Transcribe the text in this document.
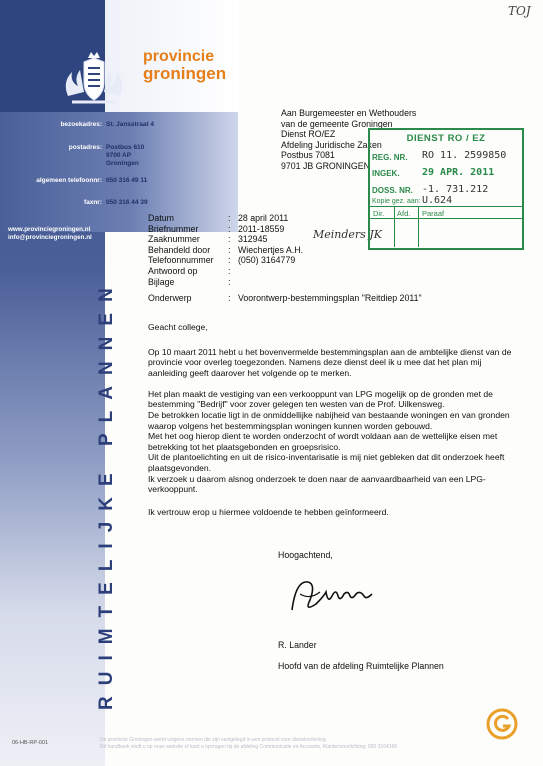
provincie
groningen
bezoekadres: St. Jansstraat 4
postadres: Postbus 610
9700 AP
Groningen
algemeen telefoonnr: 050 316 49 11
faxnr: 050 316 44 39
www.provinciegroningen.nl
info@provinciegroningen.nl
RUIMTELIJKE PLANNEN
TOJ
Meinders JK
Aan Burgemeester en Wethouders
van de gemeente Groningen
Dienst RO/EZ
Afdeling Juridische Zaken
Postbus 7081
9701 JB GRONINGEN
DIENST RO / EZ
REG. NR. RO 11. 2599850
INGEK. 29 APR. 2011
DOSS. NR. -1. 731.212 U.624
Kopie gez. aan:
Dir. Afd. Paraaf
Datum	: 28 april 2011
Briefnummer	: 2011-18559
Zaaknummer	: 312945
Behandeld door	: Wiechertjes A.H.
Telefoonnummer	: (050) 3164779
Antwoord op	:
Bijlage	:
Onderwerp	: Voorontwerp-bestemmingsplan "Reitdiep 2011"

Geacht college,

Op 10 maart 2011 hebt u het bovenvermelde bestemmingsplan aan de ambtelijke dienst van de provincie voor overleg toegezonden. Namens deze dienst deel ik u mee dat het plan mij aanleiding geeft daarover het volgende op te merken.

Het plan maakt de vestiging van een verkooppunt van LPG mogelijk op de gronden met de bestemming "Bedrijf" voor zover gelegen ten westen van de Prof. Uilkensweg.

De betrokken locatie ligt in de onmiddellijke nabijheid van bestaande woningen en van gronden waarop volgens het bestemmingsplan woningen kunnen worden gebouwd.

Met het oog hierop dient te worden onderzocht of wordt voldaan aan de wettelijke eisen met betrekking tot het plaatsgebonden en groepsrisico.

Uit de plantoelichting en uit de risico-inventarisatie is mij niet gebleken dat dit onderzoek heeft plaatsgevonden.

Ik verzoek u daarom alsnog onderzoek te doen naar de aanvaardbaarheid van een LPG-verkooppunt.

Ik vertrouw erop u hiermee voldoende te hebben geïnformeerd.

Hoogachtend,
R. Lander
Hoofd van de afdeling Ruimtelijke Plannen
06-HB-RP-001	De provincie Groningen werkt volgens normen die zijn vastgelegd in een protocol voor dienstverlening.
Dit handboek vindt u op onze website of kunt u opvragen bij de afdeling Communicatie en Accounts, Klantenvoorlichting: 050 3164160
